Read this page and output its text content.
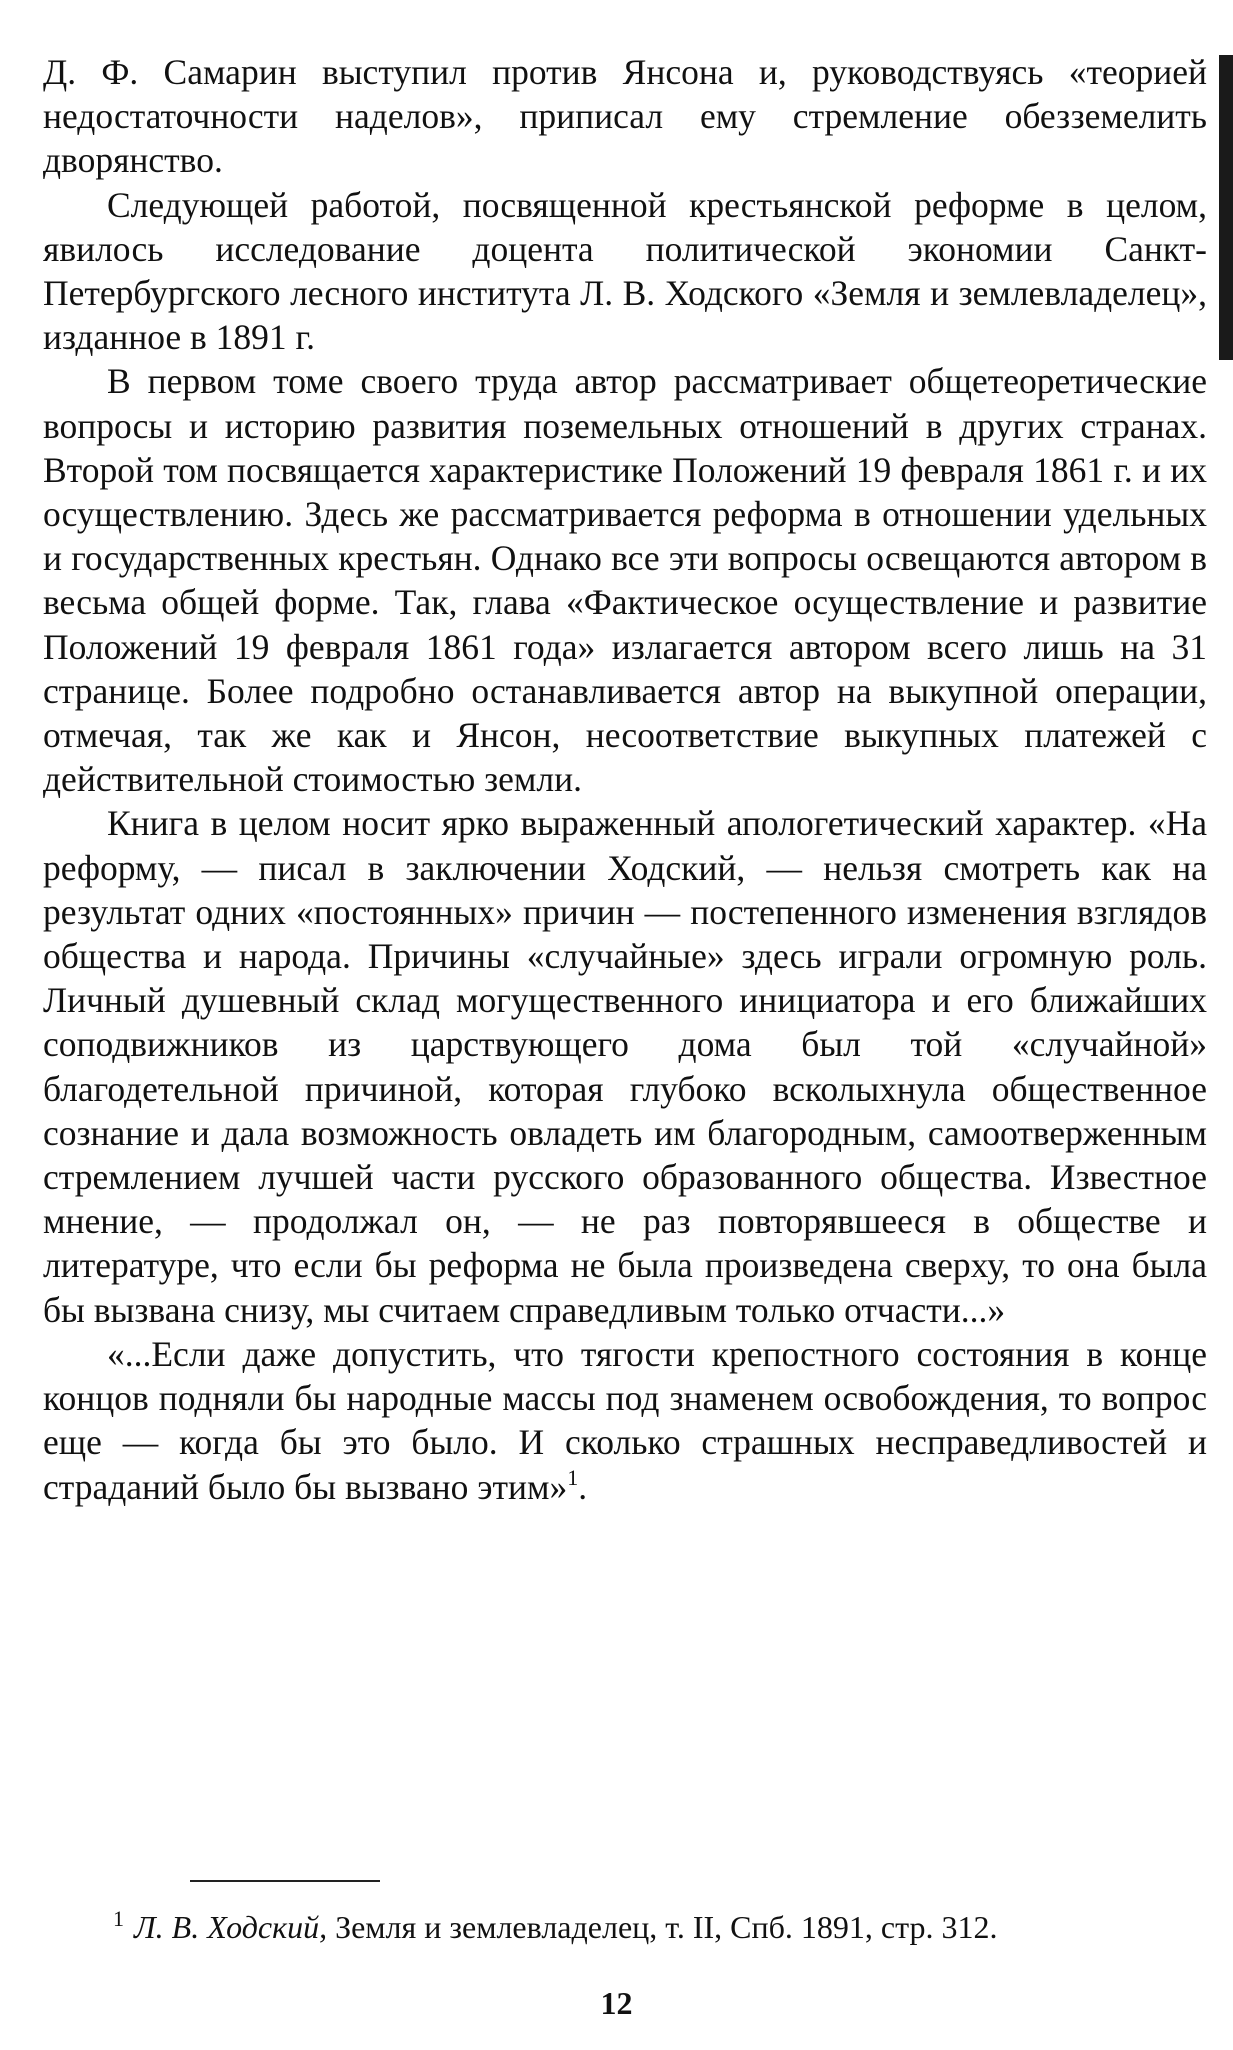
Д. Ф. Самарин выступил против Янсона и, руководствуясь «теорией недостаточности наделов», приписал ему стремление обезземелить дворянство.

Следующей работой, посвященной крестьянской реформе в целом, явилось исследование доцента политической экономии Санкт-Петербургского лесного института Л. В. Ходского «Земля и землевладелец», изданное в 1891 г.

В первом томе своего труда автор рассматривает общетеоретические вопросы и историю развития поземельных отношений в других странах. Второй том посвящается характеристике Положений 19 февраля 1861 г. и их осуществлению. Здесь же рассматривается реформа в отношении удельных и государственных крестьян. Однако все эти вопросы освещаются автором в весьма общей форме. Так, глава «Фактическое осуществление и развитие Положений 19 февраля 1861 года» излагается автором всего лишь на 31 странице. Более подробно останавливается автор на выкупной операции, отмечая, так же как и Янсон, несоответствие выкупных платежей с действительной стоимостью земли.

Книга в целом носит ярко выраженный апологетический характер. «На реформу, — писал в заключении Ходский, — нельзя смотреть как на результат одних «постоянных» причин — постепенного изменения взглядов общества и народа. Причины «случайные» здесь играли огромную роль. Личный душевный склад могущественного инициатора и его ближайших соподвижников из царствующего дома был той «случайной» благодетельной причиной, которая глубоко всколыхнула общественное сознание и дала возможность овладеть им благородным, самоотверженным стремлением лучшей части русского образованного общества. Известное мнение, — продолжал он, — не раз повторявшееся в обществе и литературе, что если бы реформа не была произведена сверху, то она была бы вызвана снизу, мы считаем справедливым только отчасти...»

«...Если даже допустить, что тягости крепостного состояния в конце концов подняли бы народные массы под знаменем освобождения, то вопрос еще — когда бы это было. И сколько страшных несправедливостей и страданий было бы вызвано этим»$^1$.

$^1$ Л. В. Ходский, Земля и землевладелец, т. II, Спб. 1891, стр. 312.

12
